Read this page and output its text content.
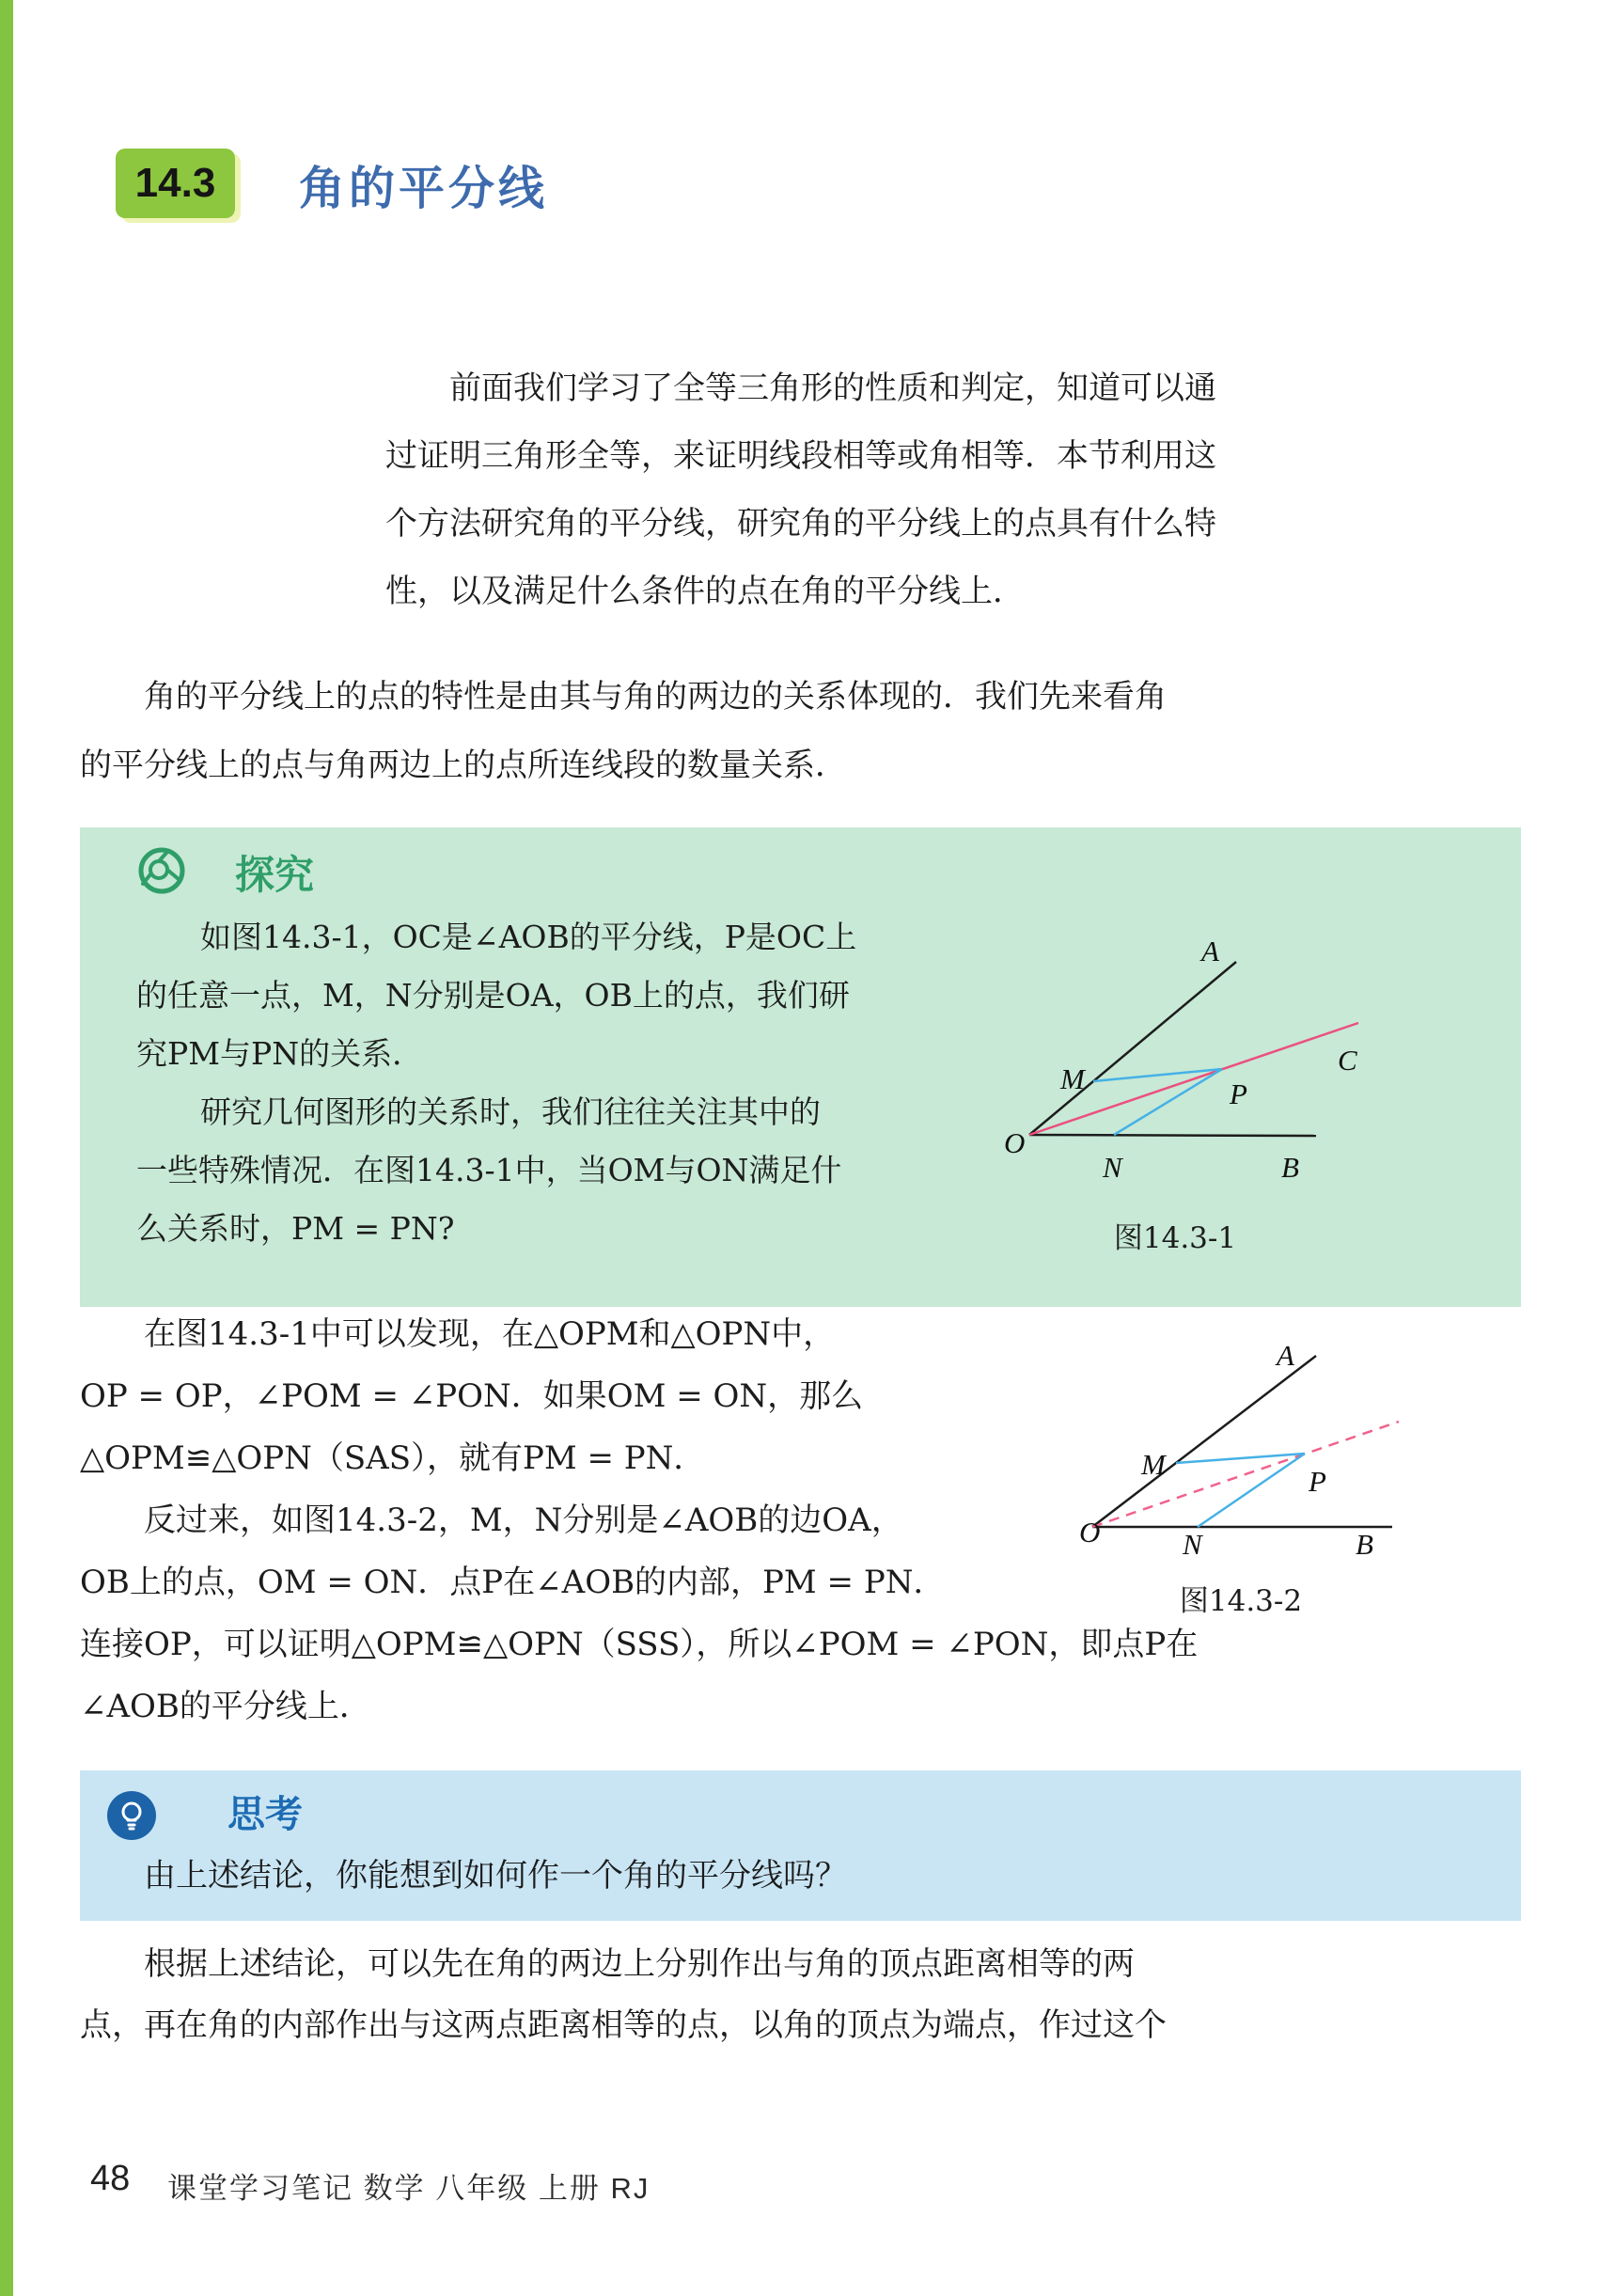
14.3 角的平分线
前面我们学习了全等三角形的性质和判定，知道可以通
过证明三角形全等，来证明线段相等或角相等．本节利用这
个方法研究角的平分线，研究角的平分线上的点具有什么特
性，以及满足什么条件的点在角的平分线上．
角的平分线上的点的特性是由其与角的两边的关系体现的．我们先来看角
的平分线上的点与角两边上的点所连线段的数量关系．
探究
如图14.3-1，OC是∠AOB的平分线，P是OC上
的任意一点，M，N分别是OA，OB上的点，我们研
究PM与PN的关系．
研究几何图形的关系时，我们往往关注其中的
一些特殊情况．在图14.3-1中，当OM与ON满足什
么关系时，PM = PN?
A
C
O
M	P
N	B
图14.3-1
在图14.3-1中可以发现，在△OPM和△OPN中，
OP = OP，∠POM = ∠PON．如果OM = ON，那么
△OPM≌△OPN（SAS），就有PM = PN．
反过来，如图14.3-2，M，N分别是∠AOB的边OA，
OB上的点，OM = ON．点P在∠AOB的内部，PM = PN．
连接OP，可以证明△OPM≌△OPN（SSS），所以∠POM = ∠PON，即点P在
∠AOB的平分线上．
A
O
M
P
N	B
图14.3-2
思考
由上述结论，你能想到如何作一个角的平分线吗？
根据上述结论，可以先在角的两边上分别作出与角的顶点距离相等的两
点，再在角的内部作出与这两点距离相等的点，以角的顶点为端点，作过这个
48 课堂学习笔记 数学 八年级 上册 RJ
